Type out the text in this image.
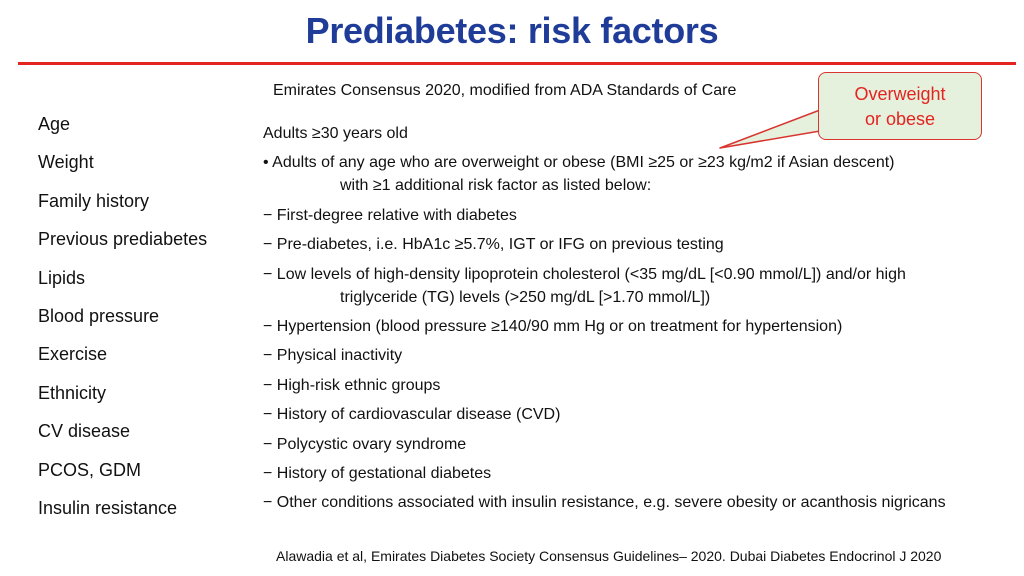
Prediabetes: risk factors
Emirates Consensus 2020, modified from ADA Standards of Care
Age
Weight
Family history
Previous prediabetes
Lipids
Blood pressure
Exercise
Ethnicity
CV disease
PCOS, GDM
Insulin resistance
Adults ≥30 years old
• Adults of any age who are overweight or obese (BMI ≥25 or ≥23 kg/m2 if Asian descent)
with ≥1 additional risk factor as listed below:
− First-degree relative with diabetes
− Pre-diabetes, i.e. HbA1c ≥5.7%, IGT or IFG on previous testing
− Low levels of high-density lipoprotein cholesterol (<35 mg/dL [<0.90 mmol/L]) and/or high
triglyceride (TG) levels (>250 mg/dL [>1.70 mmol/L])
− Hypertension (blood pressure ≥140/90 mm Hg or on treatment for hypertension)
− Physical inactivity
− High-risk ethnic groups
− History of cardiovascular disease (CVD)
− Polycystic ovary syndrome
− History of gestational diabetes
− Other conditions associated with insulin resistance, e.g. severe obesity or acanthosis nigricans
Overweight
or obese
Alawadia et al, Emirates Diabetes Society Consensus Guidelines– 2020. Dubai Diabetes Endocrinol J 2020
